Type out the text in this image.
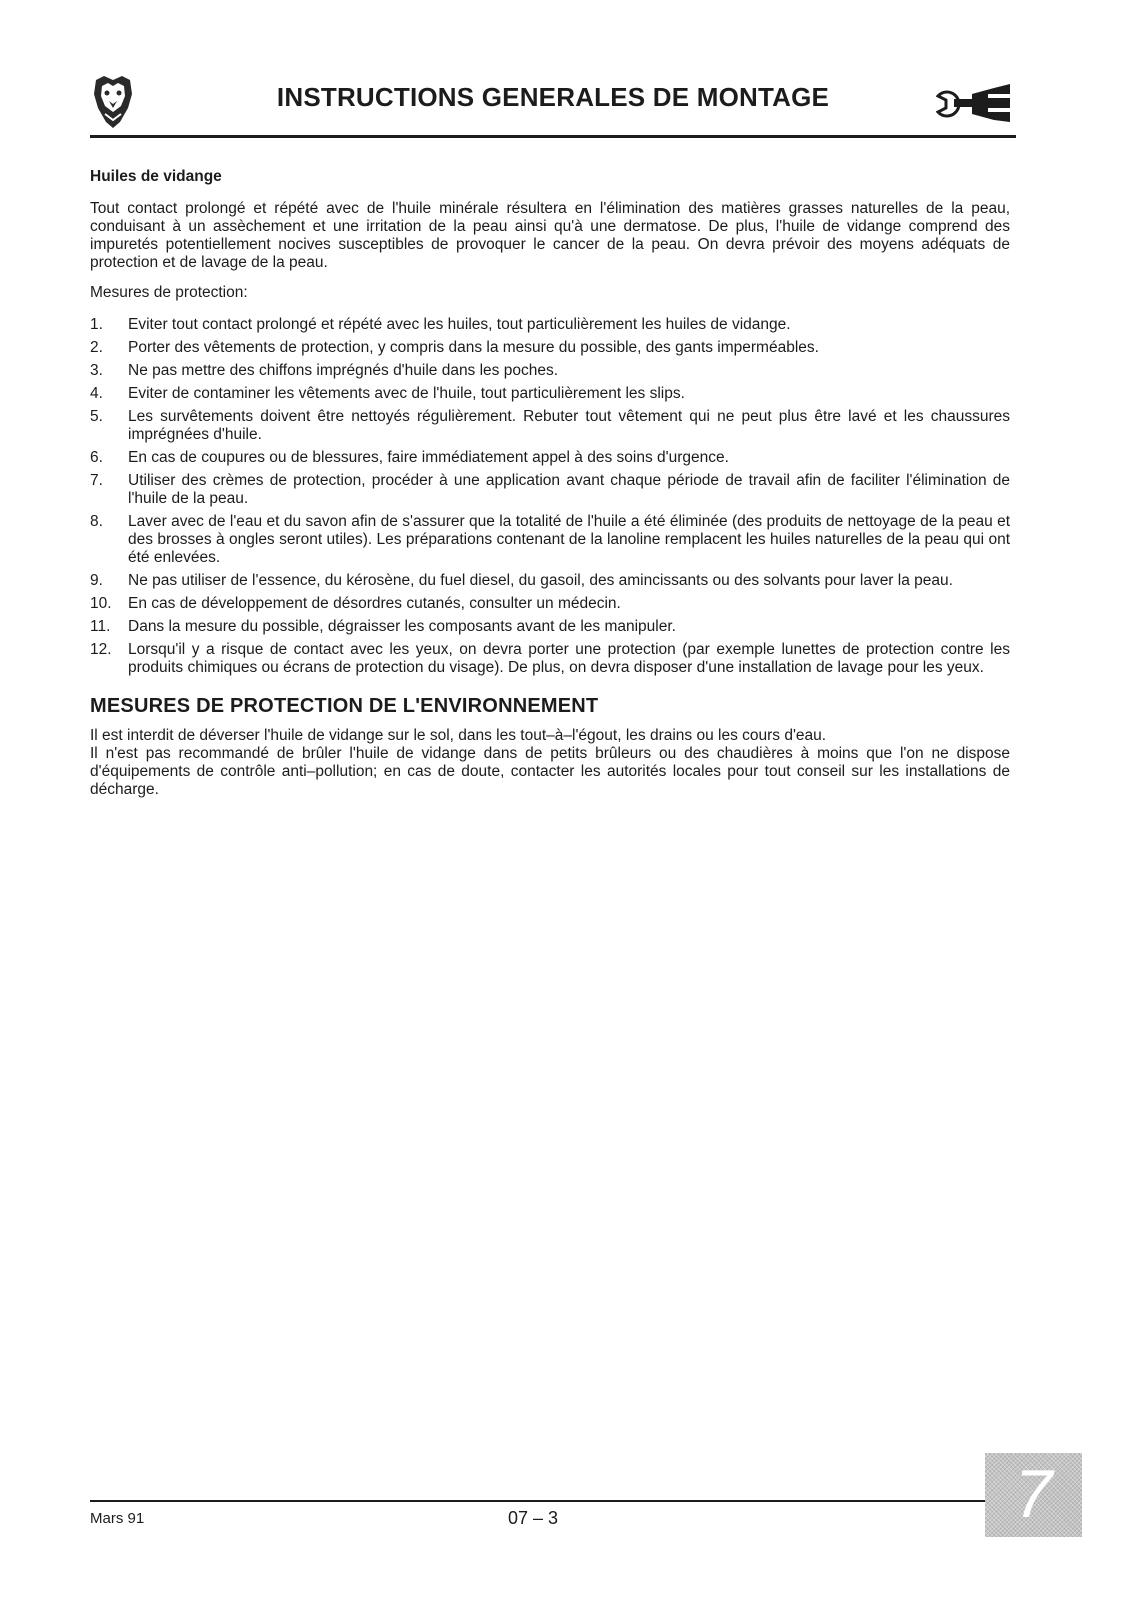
INSTRUCTIONS GENERALES DE MONTAGE
Huiles de vidange

Tout contact prolongé et répété avec de l'huile minérale résultera en l'élimination des matières grasses naturelles de la peau, conduisant à un assèchement et une irritation de la peau ainsi qu'à une dermatose. De plus, l'huile de vidange comprend des impuretés potentiellement nocives susceptibles de provoquer le cancer de la peau. On devra prévoir des moyens adéquats de protection et de lavage de la peau.

Mesures de protection:

1.	Eviter tout contact prolongé et répété avec les huiles, tout particulièrement les huiles de vidange.
2.	Porter des vêtements de protection, y compris dans la mesure du possible, des gants imperméables.
3.	Ne pas mettre des chiffons imprégnés d'huile dans les poches.
4.	Eviter de contaminer les vêtements avec de l'huile, tout particulièrement les slips.
5.	Les survêtements doivent être nettoyés régulièrement. Rebuter tout vêtement qui ne peut plus être lavé et les chaussures imprégnées d'huile.
6.	En cas de coupures ou de blessures, faire immédiatement appel à des soins d'urgence.
7.	Utiliser des crèmes de protection, procéder à une application avant chaque période de travail afin de faciliter l'élimination de l'huile de la peau.
8.	Laver avec de l'eau et du savon afin de s'assurer que la totalité de l'huile a été éliminée (des produits de nettoyage de la peau et des brosses à ongles seront utiles). Les préparations contenant de la lanoline remplacent les huiles naturelles de la peau qui ont été enlevées.
9.	Ne pas utiliser de l'essence, du kérosène, du fuel diesel, du gasoil, des amincissants ou des solvants pour laver la peau.
10.	En cas de développement de désordres cutanés, consulter un médecin.
11.	Dans la mesure du possible, dégraisser les composants avant de les manipuler.
12.	Lorsqu'il y a risque de contact avec les yeux, on devra porter une protection (par exemple lunettes de protection contre les produits chimiques ou écrans de protection du visage). De plus, on devra disposer d'une installation de lavage pour les yeux.
MESURES DE PROTECTION DE L'ENVIRONNEMENT

Il est interdit de déverser l'huile de vidange sur le sol, dans les tout–à–l'égout, les drains ou les cours d'eau.

Il n'est pas recommandé de brûler l'huile de vidange dans de petits brûleurs ou des chaudières à moins que l'on ne dispose d'équipements de contrôle anti–pollution; en cas de doute, contacter les autorités locales pour tout conseil sur les installations de décharge.

Mars 91	07 – 3	7
